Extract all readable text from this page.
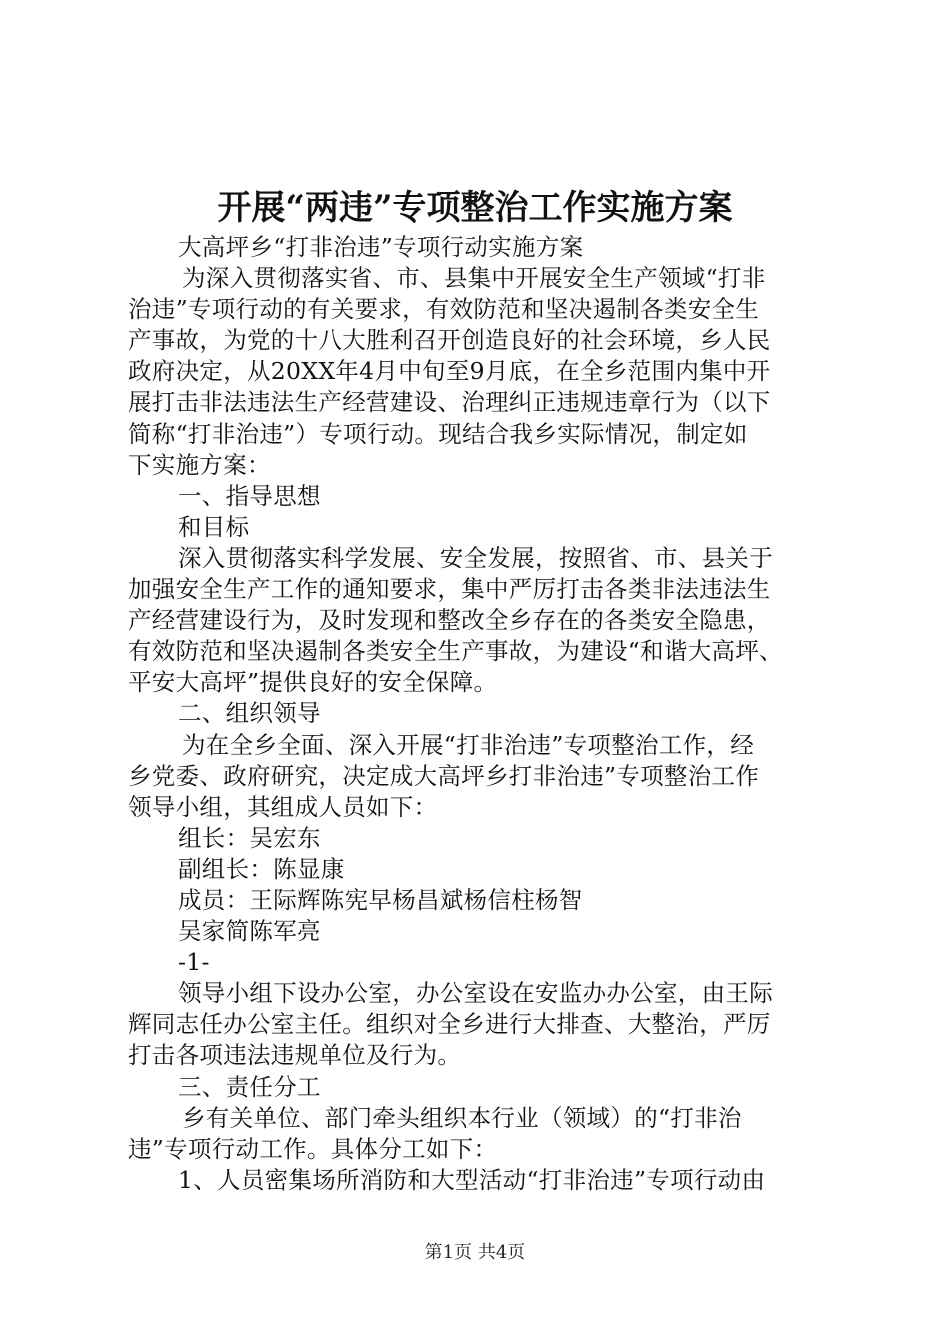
开展“两违”专项整治工作实施方案
大高坪乡“打非治违”专项行动实施方案
为深入贯彻落实省、市、县集中开展安全生产领域“打非
治违”专项行动的有关要求，有效防范和坚决遏制各类安全生
产事故，为党的十八大胜利召开创造良好的社会环境，乡人民
政府决定，从20XX年4月中旬至9月底，在全乡范围内集中开
展打击非法违法生产经营建设、治理纠正违规违章行为（以下
简称“打非治违”）专项行动。现结合我乡实际情况，制定如
下实施方案：
一、指导思想
和目标
深入贯彻落实科学发展、安全发展，按照省、市、县关于
加强安全生产工作的通知要求，集中严厉打击各类非法违法生
产经营建设行为，及时发现和整改全乡存在的各类安全隐患，
有效防范和坚决遏制各类安全生产事故，为建设“和谐大高坪、
平安大高坪”提供良好的安全保障。
二、组织领导
为在全乡全面、深入开展“打非治违”专项整治工作，经
乡党委、政府研究，决定成大高坪乡打非治违”专项整治工作
领导小组，其组成人员如下：
组长：吴宏东
副组长：陈显康
成员：王际辉陈宪早杨昌斌杨信柱杨智
吴家简陈军亮
-1-
领导小组下设办公室，办公室设在安监办办公室，由王际
辉同志任办公室主任。组织对全乡进行大排查、大整治，严厉
打击各项违法违规单位及行为。
三、责任分工
乡有关单位、部门牵头组织本行业（领域）的“打非治
违”专项行动工作。具体分工如下：
1、人员密集场所消防和大型活动“打非治违”专项行动由
第1页 共4页
